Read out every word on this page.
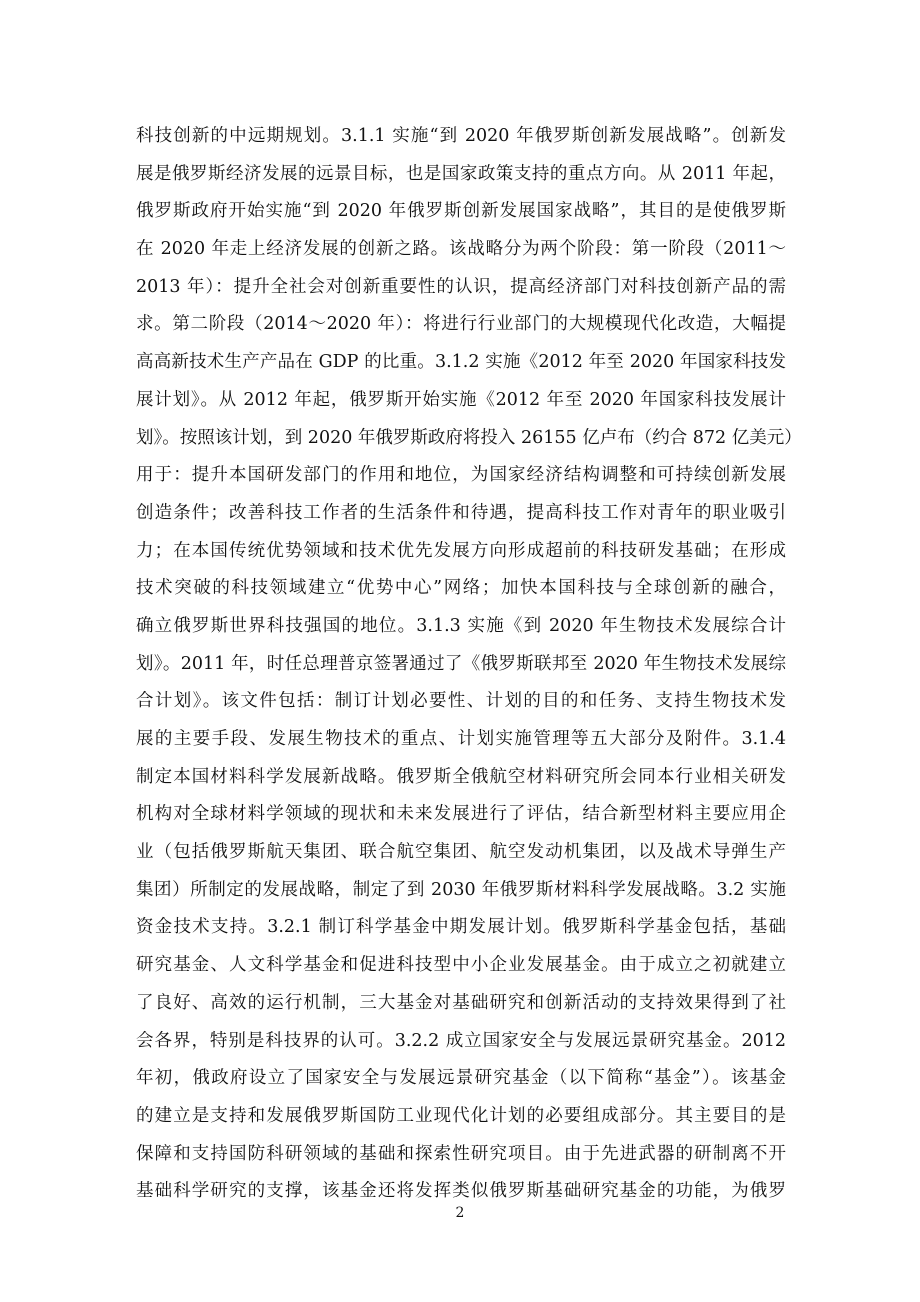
科技创新的中远期规划。3.1.1 实施“到 2020 年俄罗斯创新发展战略”。创新发
展是俄罗斯经济发展的远景目标，也是国家政策支持的重点方向。从 2011 年起，
俄罗斯政府开始实施“到 2020 年俄罗斯创新发展国家战略”，其目的是使俄罗斯
在 2020 年走上经济发展的创新之路。该战略分为两个阶段：第一阶段（2011～
2013 年）：提升全社会对创新重要性的认识，提高经济部门对科技创新产品的需
求。第二阶段（2014～2020 年）：将进行行业部门的大规模现代化改造，大幅提
高高新技术生产产品在 GDP 的比重。3.1.2 实施《2012 年至 2020 年国家科技发
展计划》。从 2012 年起，俄罗斯开始实施《2012 年至 2020 年国家科技发展计
划》。按照该计划，到 2020 年俄罗斯政府将投入 26155 亿卢布（约合 872 亿美元）
用于：提升本国研发部门的作用和地位，为国家经济结构调整和可持续创新发展
创造条件；改善科技工作者的生活条件和待遇，提高科技工作对青年的职业吸引
力；在本国传统优势领域和技术优先发展方向形成超前的科技研发基础；在形成
技术突破的科技领域建立“优势中心”网络；加快本国科技与全球创新的融合，
确立俄罗斯世界科技强国的地位。3.1.3 实施《到 2020 年生物技术发展综合计
划》。2011 年，时任总理普京签署通过了《俄罗斯联邦至 2020 年生物技术发展综
合计划》。该文件包括：制订计划必要性、计划的目的和任务、支持生物技术发
展的主要手段、发展生物技术的重点、计划实施管理等五大部分及附件。3.1.4
制定本国材料科学发展新战略。俄罗斯全俄航空材料研究所会同本行业相关研发
机构对全球材料学领域的现状和未来发展进行了评估，结合新型材料主要应用企
业（包括俄罗斯航天集团、联合航空集团、航空发动机集团，以及战术导弹生产
集团）所制定的发展战略，制定了到 2030 年俄罗斯材料科学发展战略。3.2 实施
资金技术支持。3.2.1 制订科学基金中期发展计划。俄罗斯科学基金包括，基础
研究基金、人文科学基金和促进科技型中小企业发展基金。由于成立之初就建立
了良好、高效的运行机制，三大基金对基础研究和创新活动的支持效果得到了社
会各界，特别是科技界的认可。3.2.2 成立国家安全与发展远景研究基金。2012
年初，俄政府设立了国家安全与发展远景研究基金（以下简称“基金”）。该基金
的建立是支持和发展俄罗斯国防工业现代化计划的必要组成部分。其主要目的是
保障和支持国防科研领域的基础和探索性研究项目。由于先进武器的研制离不开
基础科学研究的支撑，该基金还将发挥类似俄罗斯基础研究基金的功能，为俄罗
2
